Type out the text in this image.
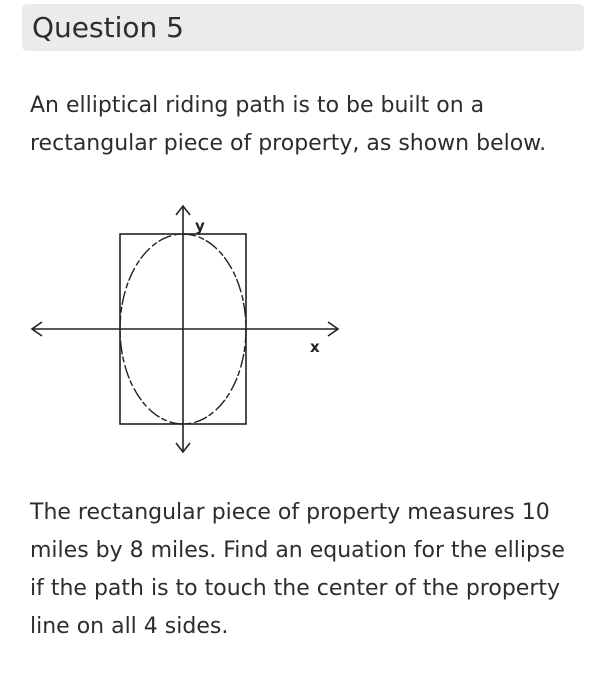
Question 5

An elliptical riding path is to be built on a rectangular piece of property, as shown below.

y
x

The rectangular piece of property measures 10 miles by 8 miles. Find an equation for the ellipse if the path is to touch the center of the property line on all 4 sides.
